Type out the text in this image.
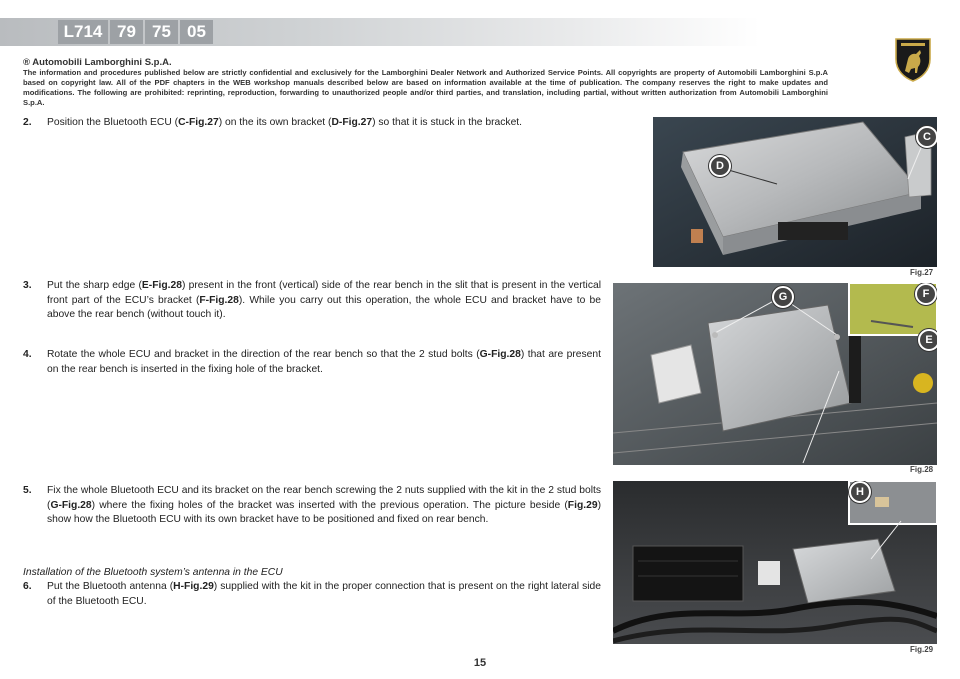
L714 79 75 05
® Automobili Lamborghini S.p.A.
The information and procedures published below are strictly confidential and exclusively for the Lamborghini Dealer Network and Authorized Service Points. All copyrights are property of Automobili Lamborghini S.p.A based on copyright law. All of the PDF chapters in the WEB workshop manuals described below are based on information available at the time of publication. The company reserves the right to make updates and modifications. The following are prohibited: reprinting, reproduction, forwarding to unauthorized people and/or third parties, and translation, including partial, without written authorization from Automobili Lamborghini S.p.A.
2. Position the Bluetooth ECU (C-Fig.27) on the its own bracket (D-Fig.27) so that it is stuck in the bracket.
3. Put the sharp edge (E-Fig.28) present in the front (vertical) side of the rear bench in the slit that is present in the vertical front part of the ECU’s bracket (F-Fig.28). While you carry out this operation, the whole ECU and bracket have to be above the rear bench (without touch it).
4. Rotate the whole ECU and bracket in the direction of the rear bench so that the 2 stud bolts (G-Fig.28) that are present on the rear bench is inserted in the fixing hole of the bracket.
5. Fix the whole Bluetooth ECU and its bracket on the rear bench screwing the 2 nuts supplied with the kit in the 2 stud bolts (G-Fig.28) where the fixing holes of the bracket was inserted with the previous operation. The picture beside (Fig.29) show how the Bluetooth ECU with its own bracket have to be positioned and fixed on rear bench.
Installation of the Bluetooth system’s antenna in the ECU
6. Put the Bluetooth antenna (H-Fig.29) supplied with the kit in the proper connection that is present on the right lateral side of the Bluetooth ECU.
C
D
Fig.27
G	F
E
Fig.28
H
Fig.29
15
